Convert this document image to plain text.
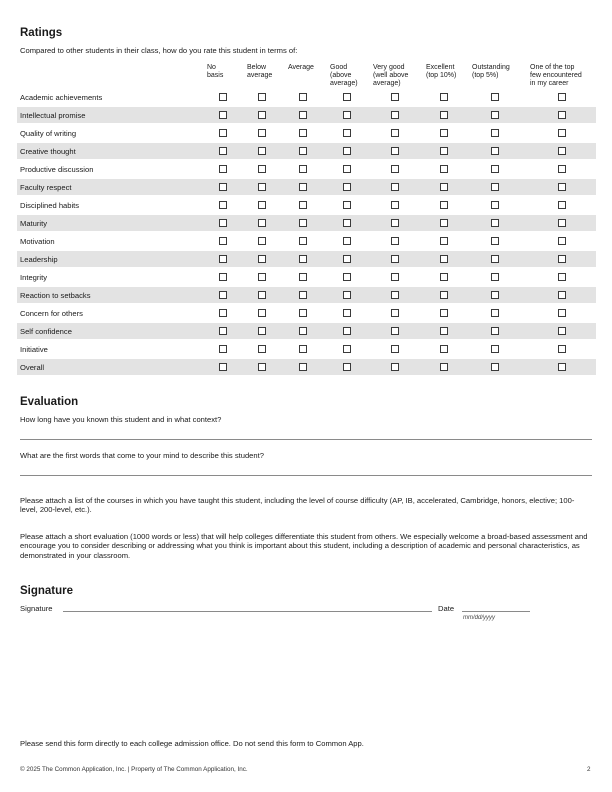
Ratings
Compared to other students in their class, how do you rate this student in terms of:
No
basis
Below
average
Average Good
(above
average)
Very good
(well above
average)
Excellent
(top 10%)
Outstanding
(top 5%)
One of the top
few encountered
in my career
Academic achievements
Intellectual promise
Quality of writing
Creative thought
Productive discussion
Faculty respect
Disciplined habits
Maturity
Motivation
Leadership
Integrity
Reaction to setbacks
Concern for others
Self confidence
Initiative
Overall
Evaluation
How long have you known this student and in what context?
What are the first words that come to your mind to describe this student?
Please attach a list of the courses in which you have taught this student, including the level of course difficulty (AP, IB, accelerated, Cambridge, honors, elective; 100-level, 200-level, etc.).
Please attach a short evaluation (1000 words or less) that will help colleges differentiate this student from others. We especially welcome a broad-based assessment and encourage you to consider describing or addressing what you think is important about this student, including a description of academic and personal characteristics, as demonstrated in your classroom.
Signature
Signature	Date
mm/dd/yyyy
Please send this form directly to each college admission office. Do not send this form to Common App.
© 2025 The Common Application, Inc. | Property of The Common Application, Inc.	2
